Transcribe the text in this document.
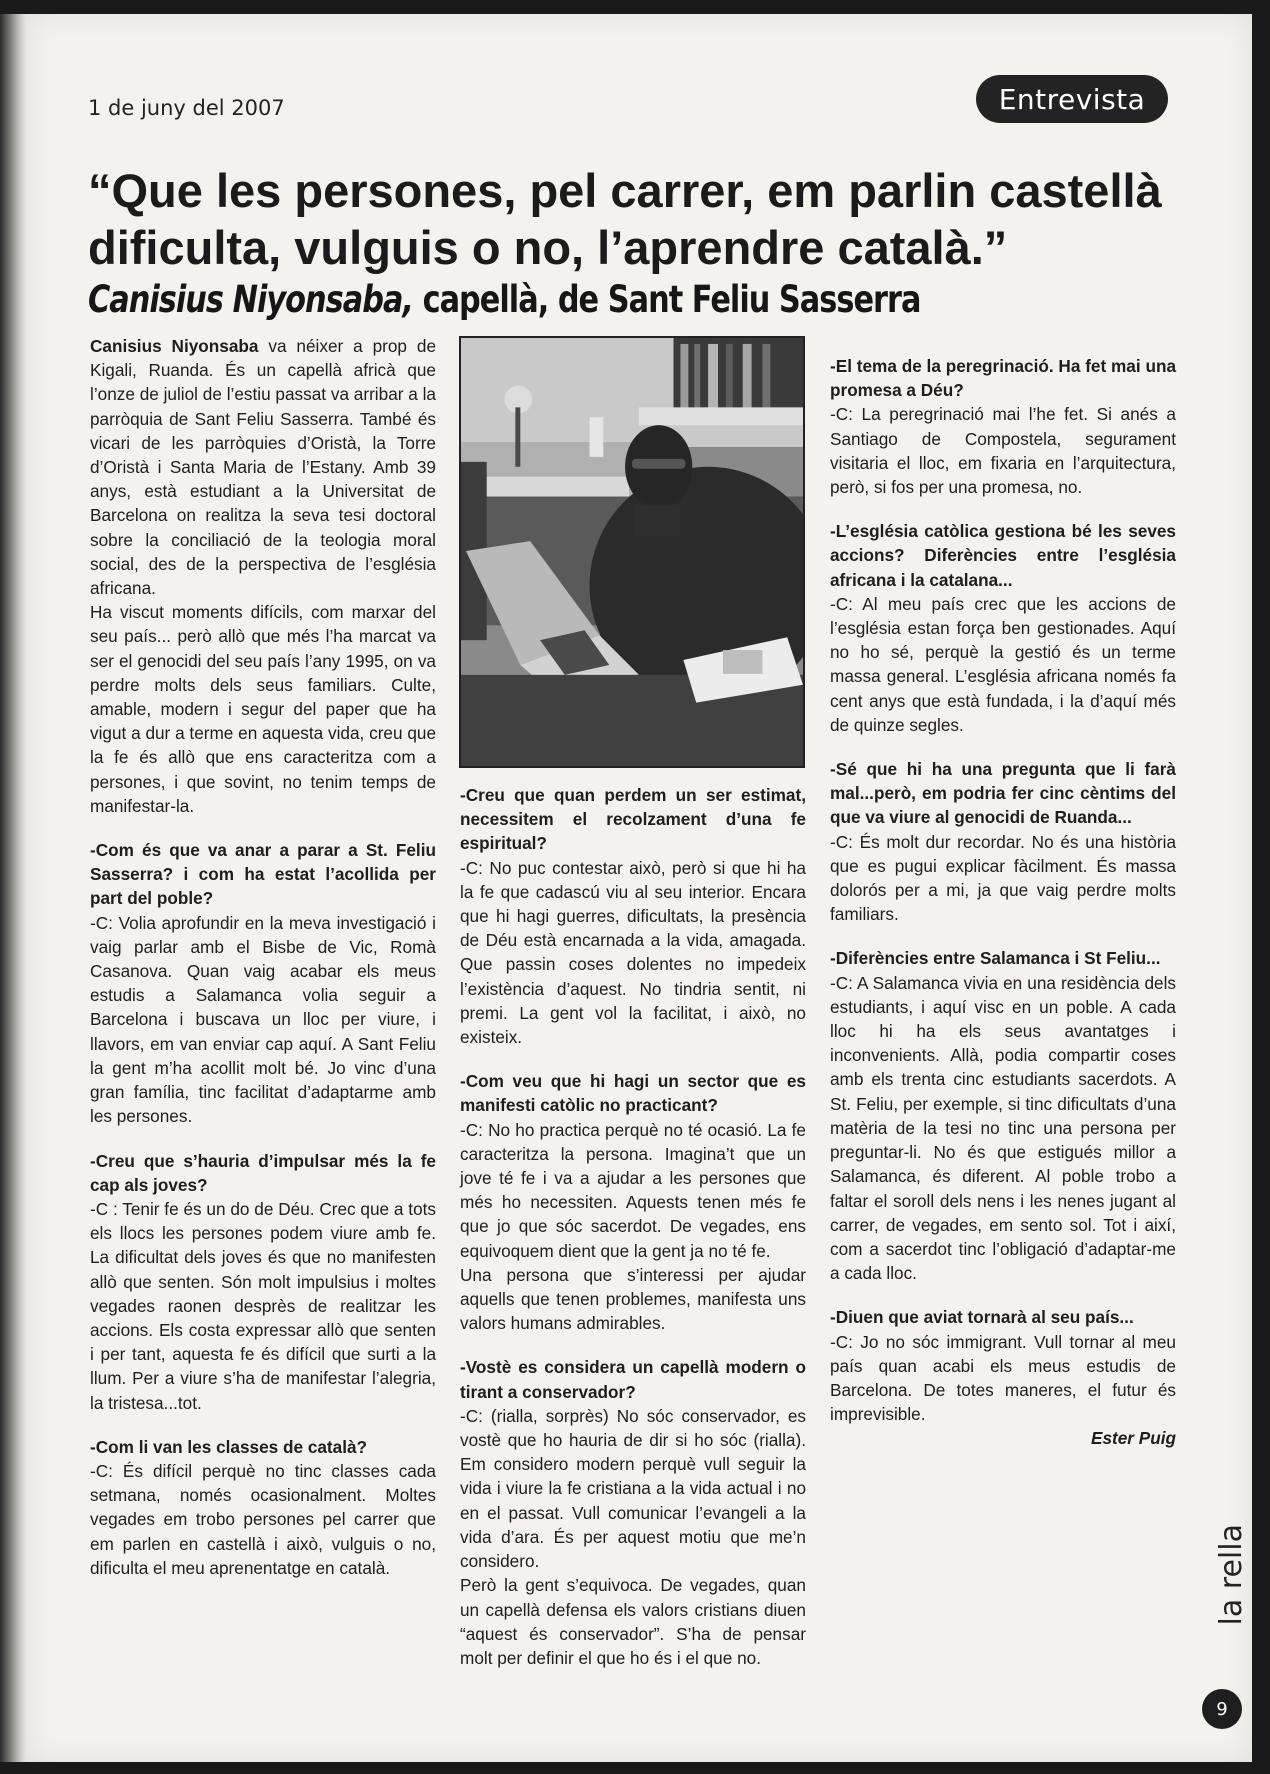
1 de juny del 2007	Entrevista
“Que les persones, pel carrer, em parlin castellà dificulta, vulguis o no, l’aprendre català.”
Canisius Niyonsaba, capellà, de Sant Feliu Sasserra

Canisius Niyonsaba va néixer a prop de Kigali, Ruanda. És un capellà africà que l’onze de juliol de l’estiu passat va arribar a la parròquia de Sant Feliu Sasserra. També és vicari de les parròquies d’Oristà, la Torre d’Oristà i Santa Maria de l’Estany. Amb 39 anys, està estudiant a la Universitat de Barcelona on realitza la seva tesi doctoral sobre la conciliació de la teologia moral social, des de la perspectiva de l’església africana.

Ha viscut moments difícils, com marxar del seu país... però allò que més l’ha marcat va ser el genocidi del seu país l’any 1995, on va perdre molts dels seus familiars. Culte, amable, modern i segur del paper que ha vigut a dur a terme en aquesta vida, creu que la fe és allò que ens caracteritza com a persones, i que sovint, no tenim temps de manifestar-la.

-Com és que va anar a parar a St. Feliu Sasserra? i com ha estat l’acollida per part del poble?

-C: Volia aprofundir en la meva investigació i vaig parlar amb el Bisbe de Vic, Romà Casanova. Quan vaig acabar els meus estudis a Salamanca volia seguir a Barcelona i buscava un lloc per viure, i llavors, em van enviar cap aquí. A Sant Feliu la gent m’ha acollit molt bé. Jo vinc d’una gran família, tinc facilitat d’adaptarme amb les persones.

-Creu que s’hauria d’impulsar més la fe cap als joves?

-C : Tenir fe és un do de Déu. Crec que a tots els llocs les persones podem viure amb fe. La dificultat dels joves és que no manifesten allò que senten. Són molt impulsius i moltes vegades raonen desprès de realitzar les accions. Els costa expressar allò que senten i per tant, aquesta fe és difícil que surti a la llum. Per a viure s’ha de manifestar l’alegria, la tristesa...tot.

-Com li van les classes de català?

-C: És difícil perquè no tinc classes cada setmana, només ocasionalment. Moltes vegades em trobo persones pel carrer que em parlen en castellà i això, vulguis o no, dificulta el meu aprenentatge en català.

-Creu que quan perdem un ser estimat, necessitem el recolzament d’una fe espiritual?

-C: No puc contestar això, però si que hi ha la fe que cadascú viu al seu interior. Encara que hi hagi guerres, dificultats, la presència de Déu està encarnada a la vida, amagada. Que passin coses dolentes no impedeix l’existència d’aquest. No tindria sentit, ni premi. La gent vol la facilitat, i això, no existeix.

-Com veu que hi hagi un sector que es manifesti catòlic no practicant?

-C: No ho practica perquè no té ocasió. La fe caracteritza la persona. Imagina’t que un jove té fe i va a ajudar a les persones que més ho necessiten. Aquests tenen més fe que jo que sóc sacerdot. De vegades, ens equivoquem dient que la gent ja no té fe.

Una persona que s’interessi per ajudar aquells que tenen problemes, manifesta uns valors humans admirables.

-Vostè es considera un capellà modern o tirant a conservador?

-C: (rialla, sorprès) No sóc conservador, es vostè que ho hauria de dir si ho sóc (rialla). Em considero modern perquè vull seguir la vida i viure la fe cristiana a la vida actual i no en el passat. Vull comunicar l’evangeli a la vida d’ara. És per aquest motiu que me’n considero.

Però la gent s’equivoca. De vegades, quan un capellà defensa els valors cristians diuen “aquest és conservador”. S’ha de pensar molt per definir el que ho és i el que no.

-El tema de la peregrinació. Ha fet mai una promesa a Déu?

-C: La peregrinació mai l’he fet. Si anés a Santiago de Compostela, segurament visitaria el lloc, em fixaria en l’arquitectura, però, si fos per una promesa, no.

-L’església catòlica gestiona bé les seves accions? Diferències entre l’església africana i la catalana...

-C: Al meu país crec que les accions de l’església estan força ben gestionades. Aquí no ho sé, perquè la gestió és un terme massa general. L’església africana només fa cent anys que està fundada, i la d’aquí més de quinze segles.

-Sé que hi ha una pregunta que li farà mal...però, em podria fer cinc cèntims del que va viure al genocidi de Ruanda...

-C: És molt dur recordar. No és una història que es pugui explicar fàcilment. És massa dolorós per a mi, ja que vaig perdre molts familiars.

-Diferències entre Salamanca i St Feliu...

-C: A Salamanca vivia en una residència dels estudiants, i aquí visc en un poble. A cada lloc hi ha els seus avantatges i inconvenients. Allà, podia compartir coses amb els trenta cinc estudiants sacerdots. A St. Feliu, per exemple, si tinc dificultats d’una matèria de la tesi no tinc una persona per preguntar-li. No és que estigués millor a Salamanca, és diferent. Al poble trobo a faltar el soroll dels nens i les nenes jugant al carrer, de vegades, em sento sol. Tot i així, com a sacerdot tinc l’obligació d’adaptar-me a cada lloc.

-Diuen que aviat tornarà al seu país...

-C: Jo no sóc immigrant. Vull tornar al meu país quan acabi els meus estudis de Barcelona. De totes maneres, el futur és imprevisible.

Ester Puig

la rella
9
